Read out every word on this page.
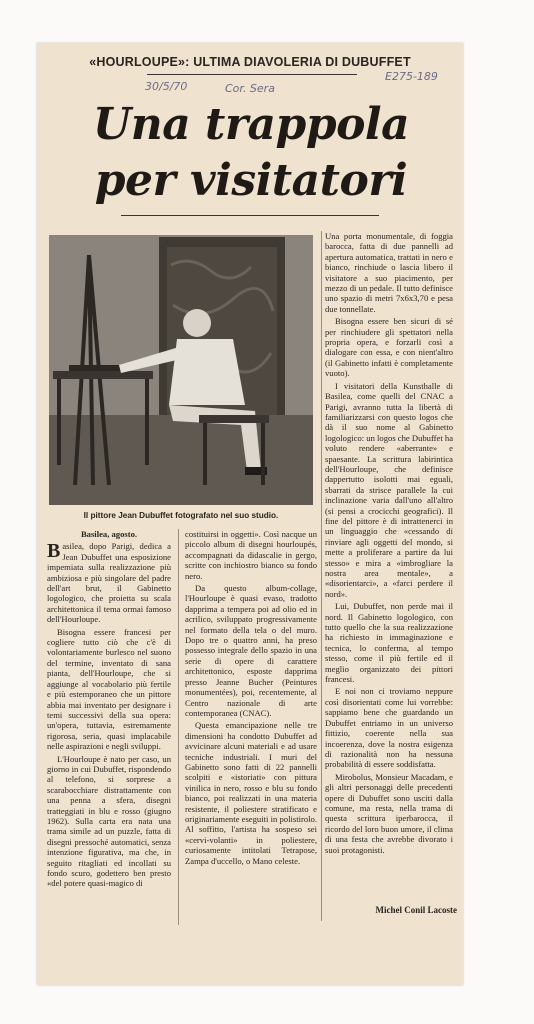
«HOURLOUPE»: ULTIMA DIAVOLERIA DI DUBUFFET
30/5/70	Cor. Sera
E275-189
Una trappola
per visitatori
Il pittore Jean Dubuffet fotografato nel suo studio.

Basilea, agosto.

Basilea, dopo Parigi, dedica a Jean Dubuffet una esposizione impemiata sulla realizzazione più ambiziosa e più singolare del padre dell'art brut, il Gabinetto logologico, che proietta su scala architettonica il tema ormai famoso dell'Hourloupe.

Bisogna essere francesi per cogliere tutto ciò che c'è di volontariamente burlesco nel suono del termine, inventato di sana pianta, dell'Hourloupe, che si aggiunge al vocabolario più fertile e più estemporaneo che un pittore abbia mai inventato per designare i temi successivi della sua opera: un'opera, tuttavia, estremamente rigorosa, seria, quasi implacabile nelle aspirazioni e negli sviluppi.

L'Hourloupe è nato per caso, un giorno in cui Dubuffet, rispondendo al telefono, si sorprese a scarabocchiare distrattamente con una penna a sfera, disegni tratteggiati in blu e rosso (giugno 1962). Sulla carta era nata una trama simile ad un puzzle, fatta di disegni pressoché automatici, senza intenzione figurativa, ma che, in seguito ritagliati ed incollati su fondo scuro, godettero ben presto «del potere quasi-magico di

costituirsi in oggetti». Così nacque un piccolo album di disegni hourloupés, accompagnati da didascalie in gergo, scritte con inchiostro bianco su fondo nero.

Da questo album-collage, l'Hourloupe è quasi evaso, tradotto dapprima a tempera poi ad olio ed in acrilico, sviluppato progressivamente nel formato della tela o del muro. Dopo tre o quattro anni, ha preso possesso integrale dello spazio in una serie di opere di carattere architettonico, esposte dapprima presso Jeanne Bucher (Peintures monumentées), poi, recentemente, al Centro nazionale di arte contemporanea (CNAC).

Questa emancipazione nelle tre dimensioni ha condotto Dubuffet ad avvicinare alcuni materiali e ad usare tecniche industriali. I muri del Gabinetto sono fatti di 22 pannelli scolpiti e «istoriati» con pittura vinilica in nero, rosso e blu su fondo bianco, poi realizzati in una materia resistente, il poliestere stratificato e originariamente eseguiti in polistirolo. Al soffitto, l'artista ha sospeso sei «cervi-volanti» in poliestere, curiosamente intitolati Tetrapose, Zampa d'uccello, o Mano celeste.

Una porta monumentale, di foggia barocca, fatta di due pannelli ad apertura automatica, trattati in nero e bianco, rinchiude o lascia libero il visitatore a suo piacimento, per mezzo di un pedale. Il tutto definisce uno spazio di metri 7x6x3,70 e pesa due tonnellate.

Bisogna essere ben sicuri di sé per rinchiudere gli spettatori nella propria opera, e forzarli così a dialogare con essa, e con nient'altro (il Gabinetto infatti è completamente vuoto).

I visitatori della Kunsthalle di Basilea, come quelli del CNAC a Parigi, avranno tutta la libertà di familiarizzarsi con questo logos che dà il suo nome al Gabinetto logologico: un logos che Dubuffet ha voluto rendere «aberrante» e spaesante. La scrittura labirintica dell'Hourloupe, che definisce dappertutto isolotti mai eguali, sbarrati da strisce parallele la cui inclinazione varia dall'uno all'altro (si pensi a crocicchi geografici). Il fine del pittore è di intrattenerci in un linguaggio che «cessando di rinviare agli oggetti del mondo, si mette a proliferare a partire da lui stesso» e mira a «imbrogliare la nostra area mentale», a «disorientarci», a «farci perdere il nord».

Lui, Dubuffet, non perde mai il nord. Il Gabinetto logologico, con tutto quello che la sua realizzazione ha richiesto in immaginazione e tecnica, lo conferma, al tempo stesso, come il più fertile ed il meglio organizzato dei pittori francesi.

E noi non ci troviamo neppure così disorientati come lui vorrebbe: sappiamo bene che guardando un Dubuffet entriamo in un universo fittizio, coerente nella sua incoerenza, dove la nostra esigenza di razionalità non ha nessuna probabilità di essere soddisfatta.

Mirobolus, Monsieur Macadam, e gli altri personaggi delle precedenti opere di Dubuffet sono usciti dalla comune, ma resta, nella trama di questa scrittura iperbarocca, il ricordo del loro buon umore, il clima di una festa che avrebbe divorato i suoi protagonisti.

Michel Conil Lacoste
